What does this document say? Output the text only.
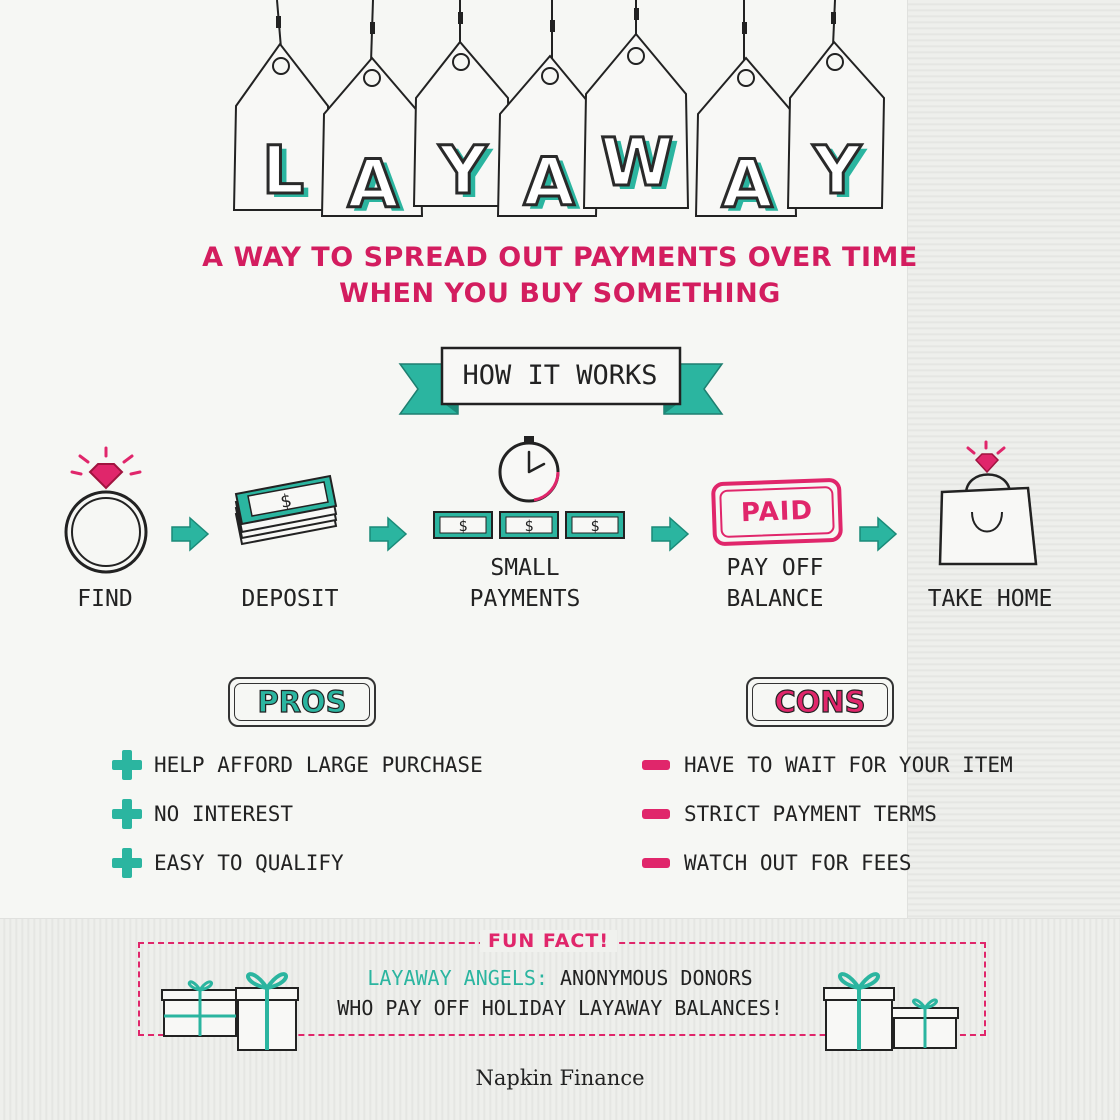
L A Y A W A Y
A WAY TO SPREAD OUT PAYMENTS OVER TIME
WHEN YOU BUY SOMETHING
HOW IT WORKS
$
$	$	$	PAID
FIND	DEPOSIT
SMALL
PAYMENTS
PAY OFF
BALANCE	TAKE HOME
PROS	CONS
HELP AFFORD LARGE PURCHASE
NO INTEREST
EASY TO QUALIFY
HAVE TO WAIT FOR YOUR ITEM
STRICT PAYMENT TERMS
WATCH OUT FOR FEES
FUN FACT!
LAYAWAY ANGELS: ANONYMOUS DONORS
WHO PAY OFF HOLIDAY LAYAWAY BALANCES!
Napkin Finance
